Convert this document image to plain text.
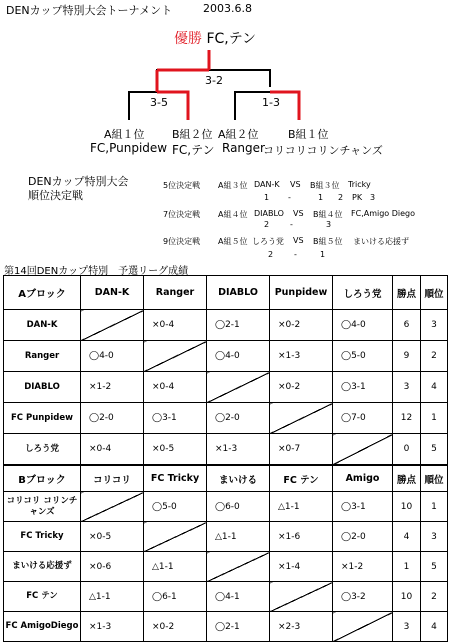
DENカップ特別大会トーナメント	2003.6.8
優勝 FC,テン
3-2
3-5	1-3
A組１位
FC,Punpidew
B組２位
FC,テン
A組２位
Ranger
B組１位
コリコリコリンチャンズ
DENカップ特別大会
順位決定戦
5位決定戦 A組３位 DAN-K VS B組３位 Tricky
1 -	1 2 PK 3
7位決定戦 A組４位 DIABLO VS B組４位 FC,Amigo Diego
2	-	3
9位決定戦 A組５位 しろう党 VS B組５位 まいける応援ず
2	-	1
第14回DENカップ特別　予選リーグ成績
Aブロック	DAN-K	Ranger	DIABLO	Punpidew	しろう党	勝点	順位
DAN-K		×0-4	◯2-1	×0-2	◯4-0	6	3
Ranger	◯4-0		◯4-0	×1-3	◯5-0	9	2
DIABLO	×1-2	×0-4		×0-2	◯3-1	3	4
FC Punpidew	◯2-0	◯3-1	◯2-0		◯7-0	12	1
しろう党	×0-4	×0-5	×1-3	×0-7		0	5
Bブロック	コリコリ	FC Tricky	まいける	FC テン	Amigo	勝点	順位
コリコリ コリンチャンズ		◯5-0	◯6-0	△1-1	◯3-1	10	1
FC Tricky	×0-5		△1-1	×1-6	◯2-0	4	3
まいける応援ず	×0-6	△1-1		×1-4	×1-2	1	5
FC テン	△1-1	◯6-1	◯4-1		◯3-2	10	2
FC AmigoDiego	×1-3	×0-2	◯2-1	×2-3		3	4
